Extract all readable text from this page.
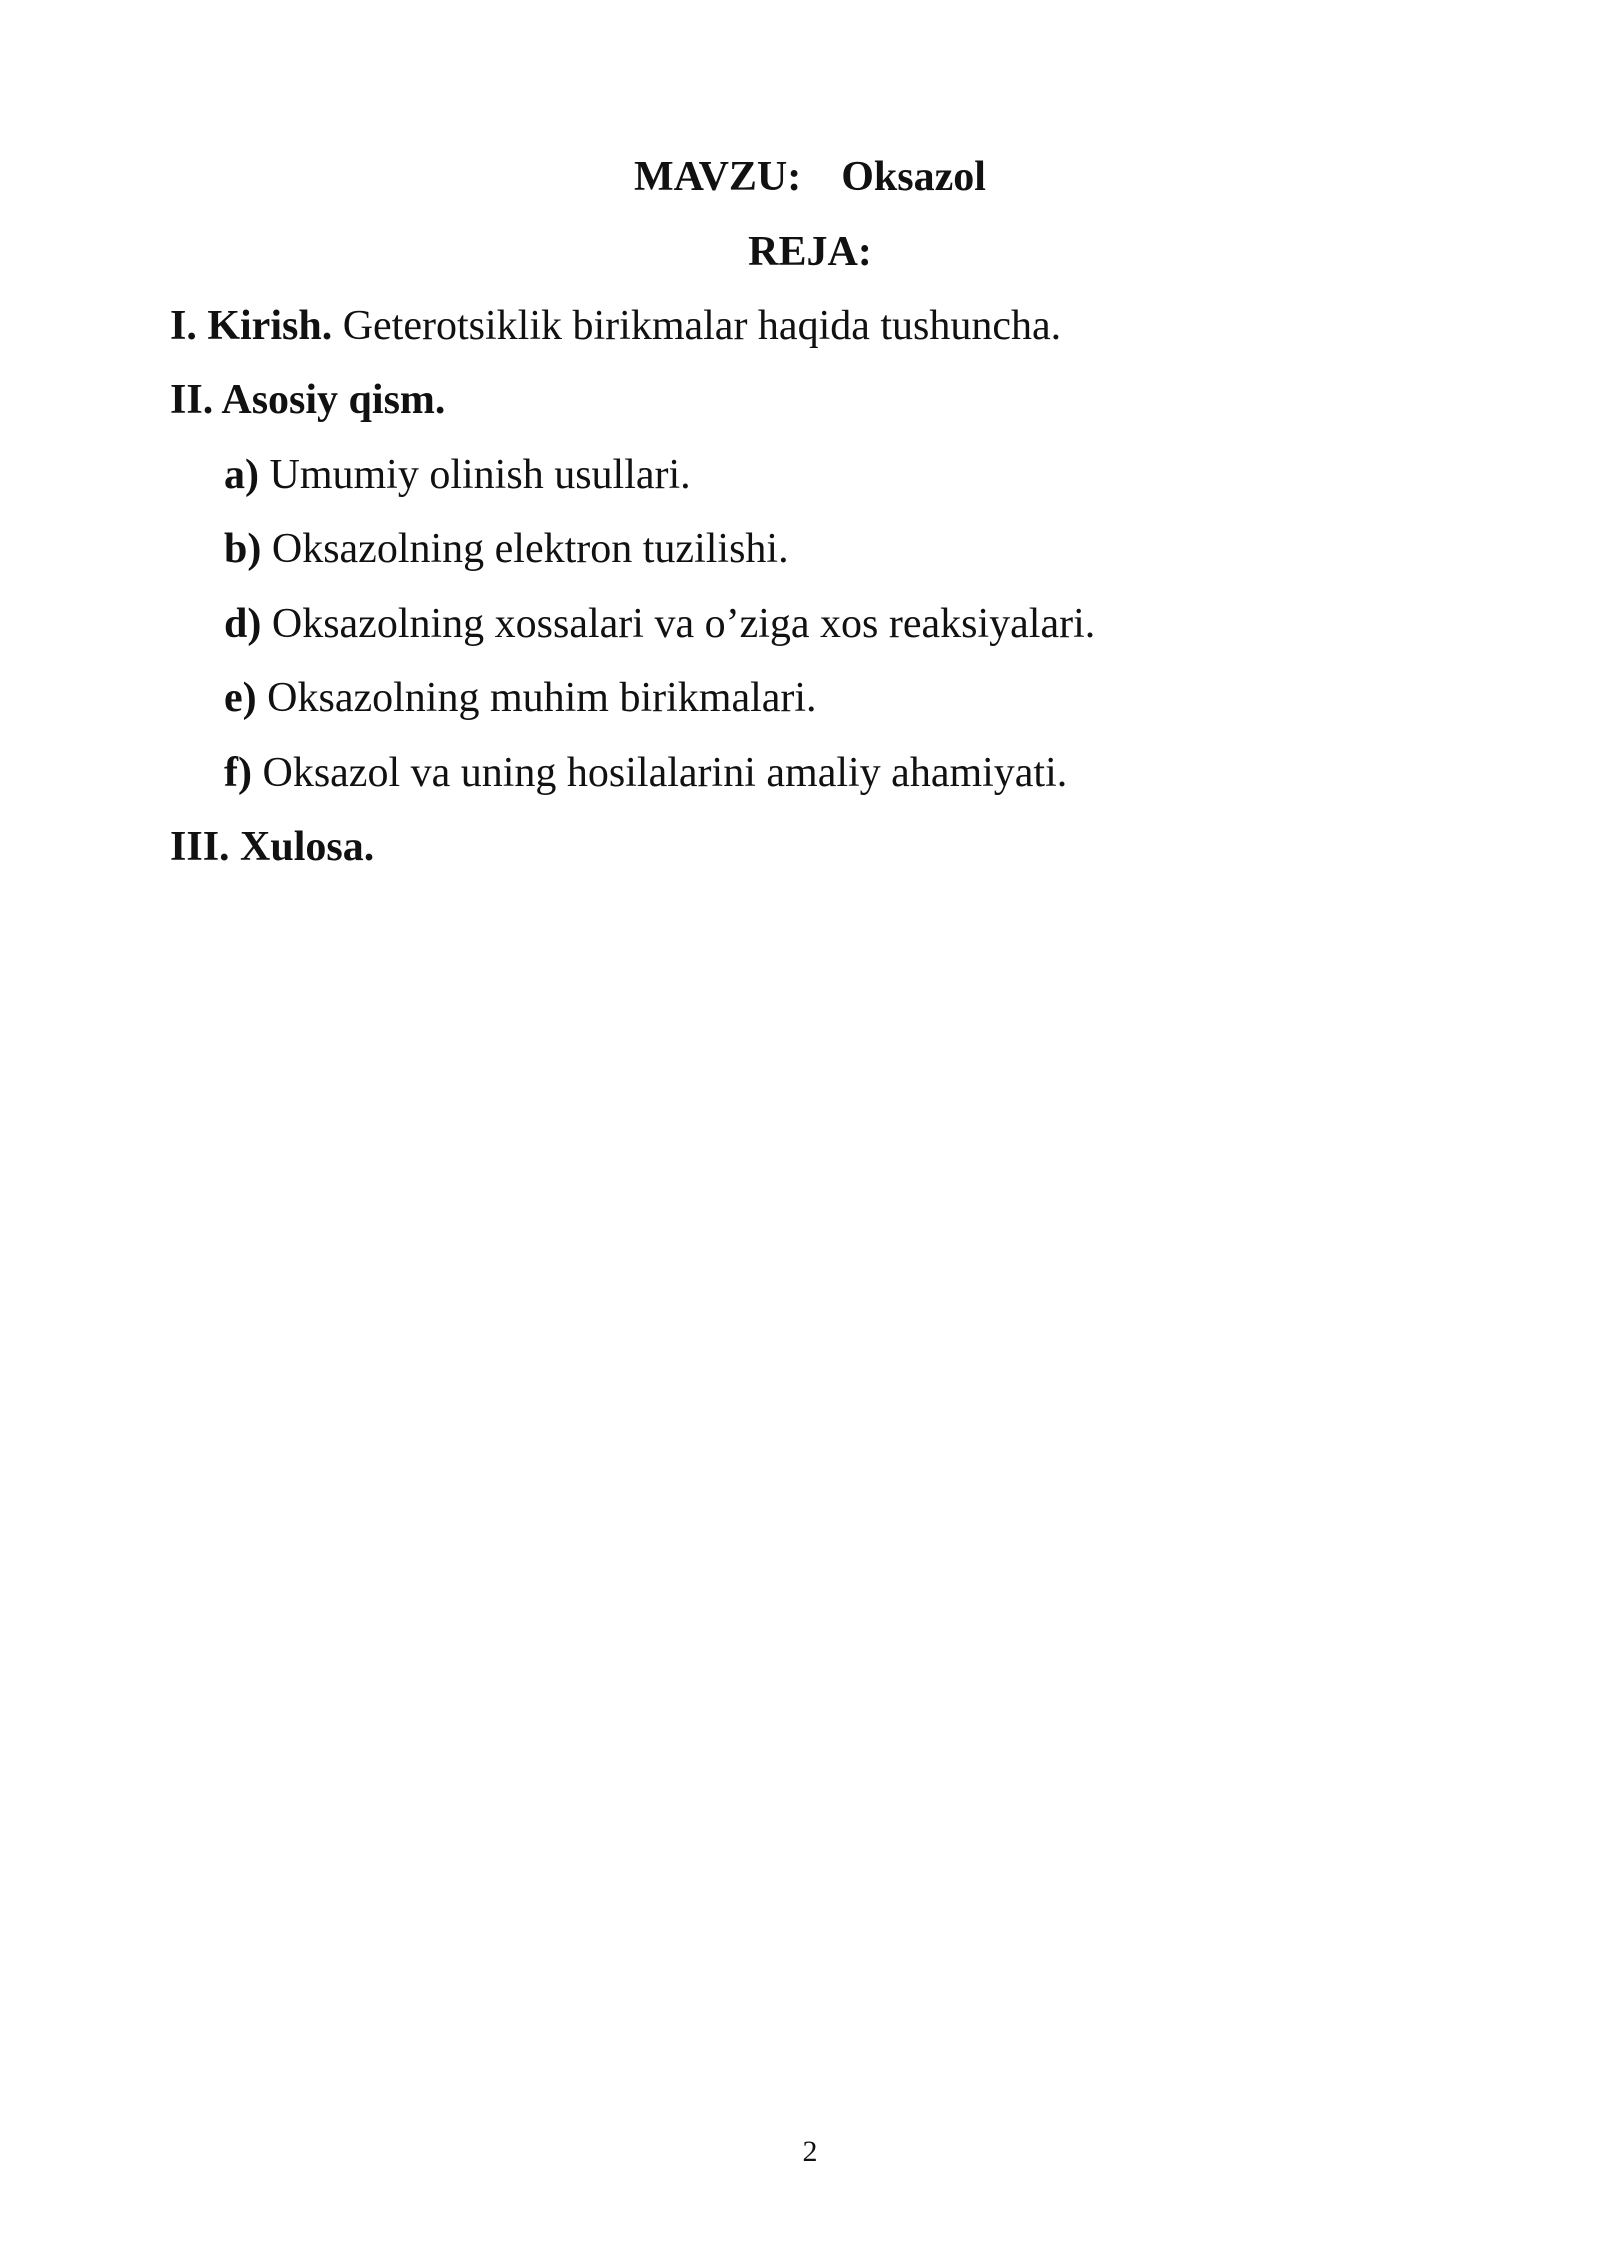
MAVZU: Oksazol
REJA:
I. Kirish. Geterotsiklik birikmalar haqida tushuncha.
II. Asosiy qism.
a) Umumiy olinish usullari.
b) Oksazolning elektron tuzilishi.
d) Oksazolning xossalari va o’ziga xos reaksiyalari.
e) Oksazolning muhim birikmalari.
f) Oksazol va uning hosilalarini amaliy ahamiyati.
III. Xulosa.
2
